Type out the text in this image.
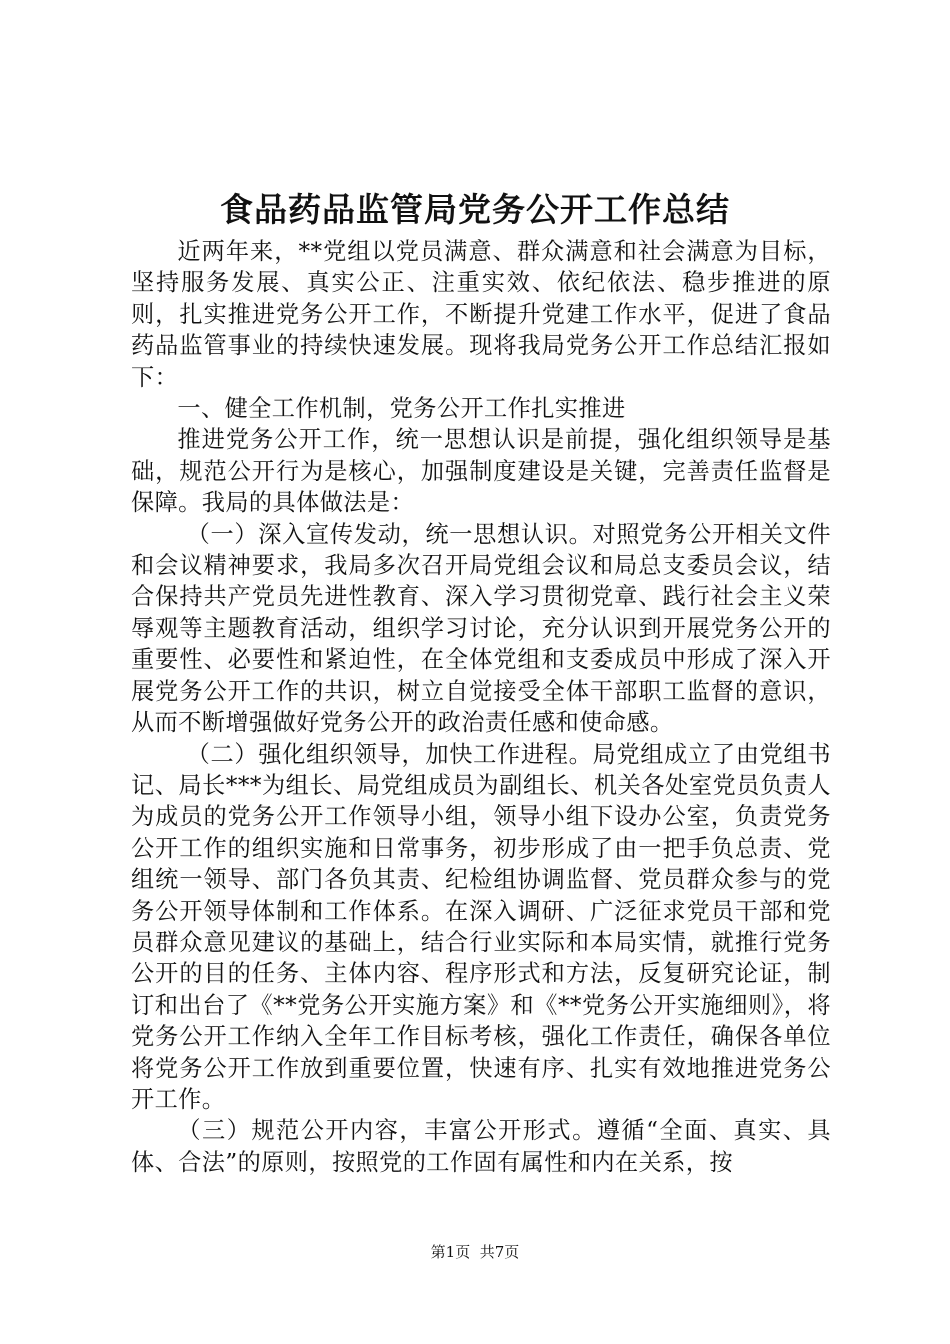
食品药品监管局党务公开工作总结

近两年来，**党组以党员满意、群众满意和社会满意为目标，坚持服务发展、真实公正、注重实效、依纪依法、稳步推进的原则，扎实推进党务公开工作，不断提升党建工作水平，促进了食品药品监管事业的持续快速发展。现将我局党务公开工作总结汇报如下：

一、健全工作机制，党务公开工作扎实推进

推进党务公开工作，统一思想认识是前提，强化组织领导是基础，规范公开行为是核心，加强制度建设是关键，完善责任监督是保障。我局的具体做法是：

（一）深入宣传发动，统一思想认识。对照党务公开相关文件和会议精神要求，我局多次召开局党组会议和局总支委员会议，结合保持共产党员先进性教育、深入学习贯彻党章、践行社会主义荣辱观等主题教育活动，组织学习讨论，充分认识到开展党务公开的重要性、必要性和紧迫性，在全体党组和支委成员中形成了深入开展党务公开工作的共识，树立自觉接受全体干部职工监督的意识，从而不断增强做好党务公开的政治责任感和使命感。

（二）强化组织领导，加快工作进程。局党组成立了由党组书记、局长***为组长、局党组成员为副组长、机关各处室党员负责人为成员的党务公开工作领导小组，领导小组下设办公室，负责党务公开工作的组织实施和日常事务，初步形成了由一把手负总责、党组统一领导、部门各负其责、纪检组协调监督、党员群众参与的党务公开领导体制和工作体系。在深入调研、广泛征求党员干部和党员群众意见建议的基础上，结合行业实际和本局实情，就推行党务公开的目的任务、主体内容、程序形式和方法，反复研究论证，制订和出台了《**党务公开实施方案》和《**党务公开实施细则》，将党务公开工作纳入全年工作目标考核，强化工作责任，确保各单位将党务公开工作放到重要位置，快速有序、扎实有效地推进党务公开工作。

（三）规范公开内容，丰富公开形式。遵循“全面、真实、具体、合法”的原则，按照党的工作固有属性和内在关系，按

第1页 共7页
